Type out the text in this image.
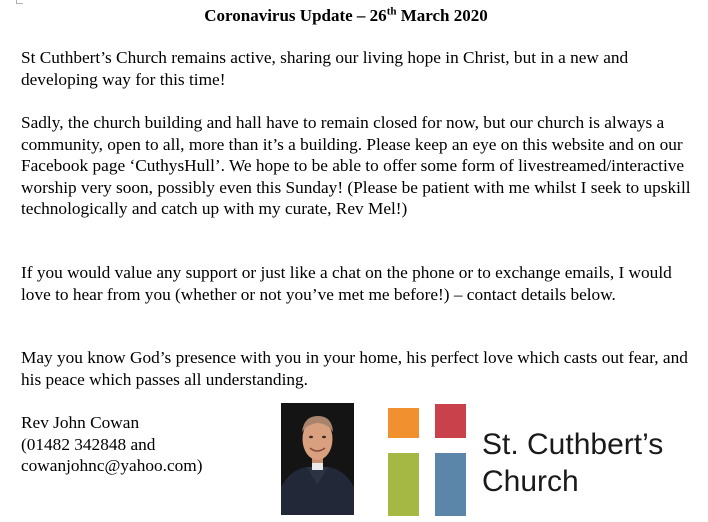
Coronavirus Update – 26th March 2020

St Cuthbert’s Church remains active, sharing our living hope in Christ, but in a new and developing way for this time!

Sadly, the church building and hall have to remain closed for now, but our church is always a community, open to all, more than it’s a building. Please keep an eye on this website and on our Facebook page ‘CuthysHull’. We hope to be able to offer some form of livestreamed/interactive worship very soon, possibly even this Sunday! (Please be patient with me whilst I seek to upskill technologically and catch up with my curate, Rev Mel!)

If you would value any support or just like a chat on the phone or to exchange emails, I would love to hear from you (whether or not you’ve met me before!) – contact details below.

May you know God’s presence with you in your home, his perfect love which casts out fear, and his peace which passes all understanding.

Rev John Cowan
(01482 342848 and
cowanjohnc@yahoo.com)
St. Cuthbert’s
Church
